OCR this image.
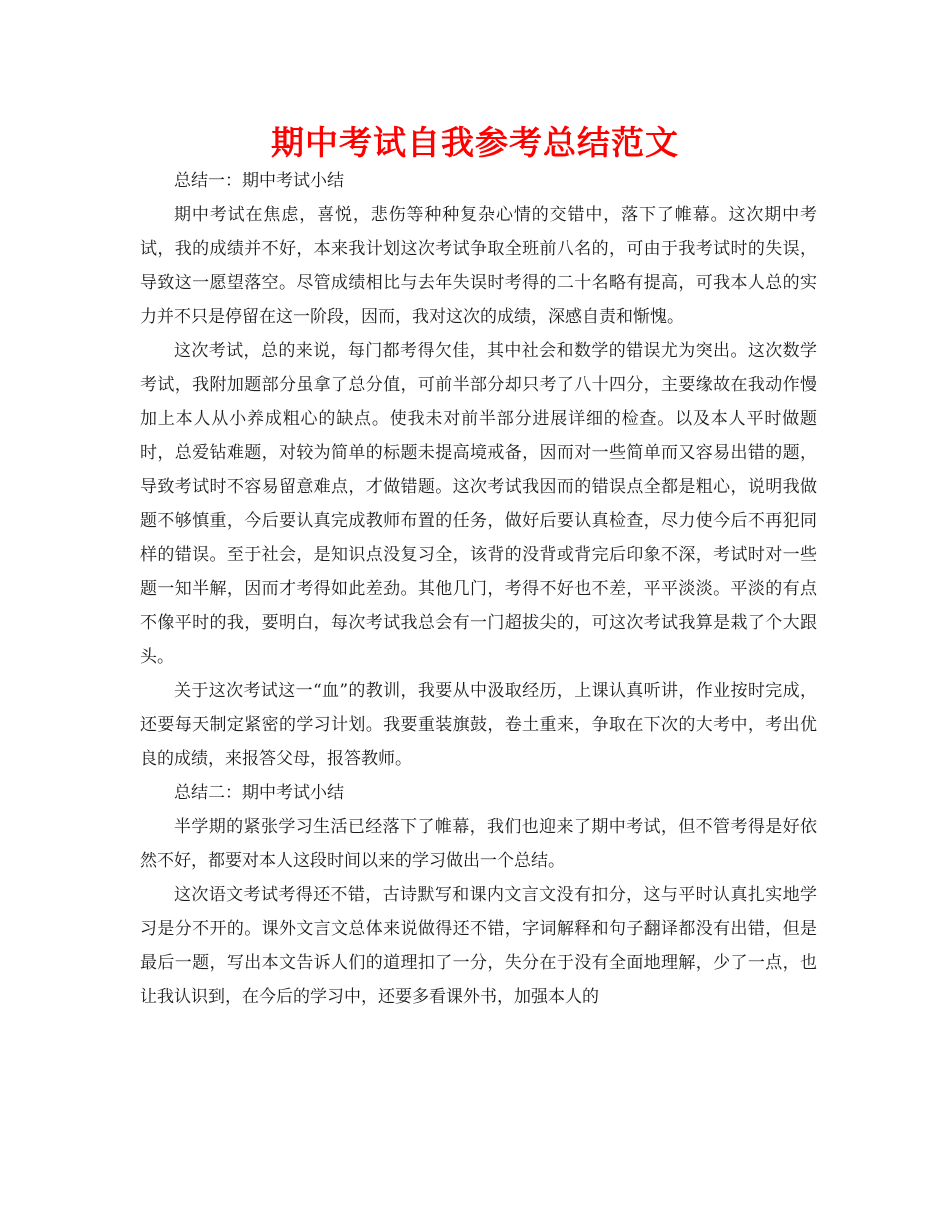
期中考试自我参考总结范文

总结一：期中考试小结

期中考试在焦虑，喜悦，悲伤等种种复杂心情的交错中，落下了帷幕。这次期中考试，我的成绩并不好，本来我计划这次考试争取全班前八名的，可由于我考试时的失误，导致这一愿望落空。尽管成绩相比与去年失误时考得的二十名略有提高，可我本人总的实力并不只是停留在这一阶段，因而，我对这次的成绩，深感自责和惭愧。

这次考试，总的来说，每门都考得欠佳，其中社会和数学的错误尤为突出。这次数学考试，我附加题部分虽拿了总分值，可前半部分却只考了八十四分，主要缘故在我动作慢加上本人从小养成粗心的缺点。使我未对前半部分进展详细的检查。以及本人平时做题时，总爱钻难题，对较为简单的标题未提高境戒备，因而对一些简单而又容易出错的题，导致考试时不容易留意难点，才做错题。这次考试我因而的错误点全都是粗心，说明我做题不够慎重，今后要认真完成教师布置的任务，做好后要认真检查，尽力使今后不再犯同样的错误。至于社会，是知识点没复习全，该背的没背或背完后印象不深，考试时对一些题一知半解，因而才考得如此差劲。其他几门，考得不好也不差，平平淡淡。平淡的有点不像平时的我，要明白，每次考试我总会有一门超拔尖的，可这次考试我算是栽了个大跟头。

关于这次考试这一“血”的教训，我要从中汲取经历，上课认真听讲，作业按时完成，还要每天制定紧密的学习计划。我要重装旗鼓，卷土重来，争取在下次的大考中，考出优良的成绩，来报答父母，报答教师。

总结二：期中考试小结

半学期的紧张学习生活已经落下了帷幕，我们也迎来了期中考试，但不管考得是好依然不好，都要对本人这段时间以来的学习做出一个总结。

这次语文考试考得还不错，古诗默写和课内文言文没有扣分，这与平时认真扎实地学习是分不开的。课外文言文总体来说做得还不错，字词解释和句子翻译都没有出错，但是最后一题，写出本文告诉人们的道理扣了一分，失分在于没有全面地理解，少了一点，也让我认识到，在今后的学习中，还要多看课外书，加强本人的
